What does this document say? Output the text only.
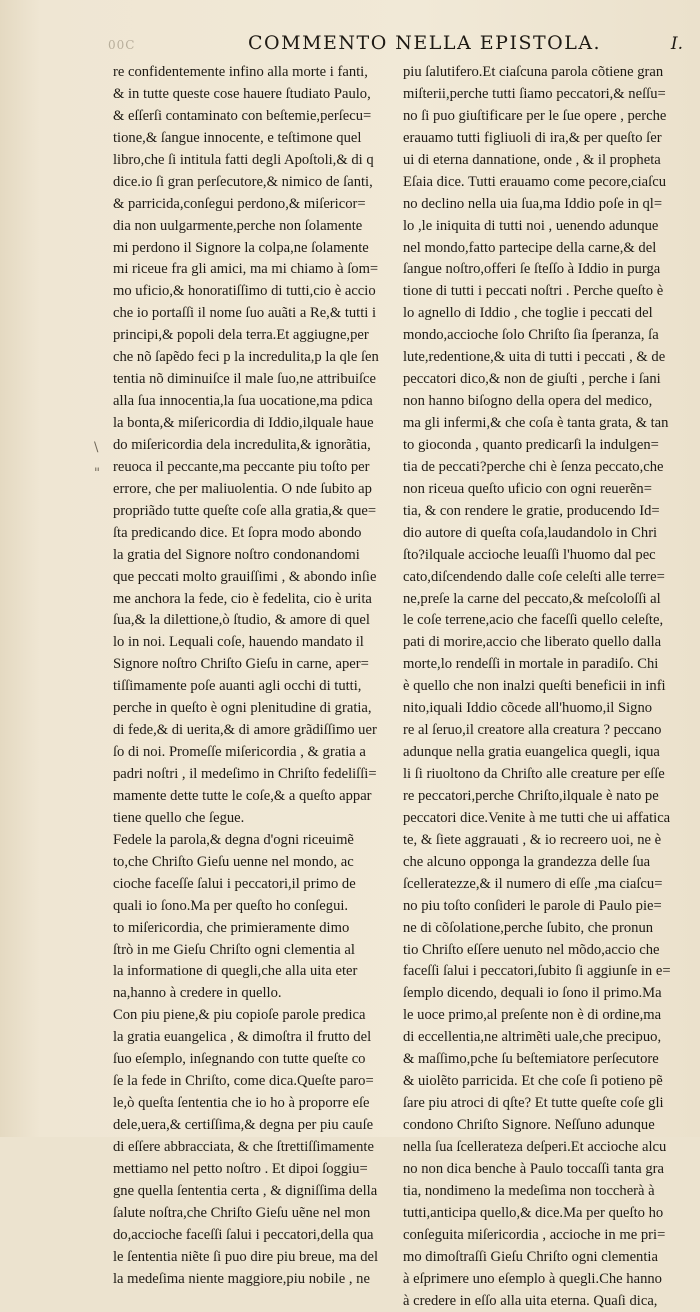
00C	COMMENTO NELLA EPISTOLA.	I.
\
"
re confidentemente infino alla morte i fanti,
& in tutte queste cose hauere ſtudiato Paulo,
& eſſerſi contaminato con beſtemie,perſecu=
tione,& ſangue innocente, e teſtimone quel
libro,che ſi intitula fatti degli Apoſtoli,& di q
dice.io ſi gran perſecutore,& nimico de ſanti,
& parricida,conſegui perdono,& miſericor=
dia non uulgarmente,perche non ſolamente
mi perdono il Signore la colpa,ne ſolamente
mi riceue fra gli amici, ma mi chiamo à ſom=
mo uficio,& honoratiſſimo di tutti,cio è accio
che io portaſſi il nome ſuo auãti a Re,& tutti i
principi,& popoli dela terra.Et aggiugne,per
che nõ ſapẽdo feci p la incredulita,p la qle ſen
tentia nõ diminuiſce il male ſuo,ne attribuiſce
alla ſua innocentia,la ſua uocatione,ma pdica
la bonta,& miſericordia di Iddio,ilquale haue
do miſericordia dela incredulita,& ignorãtia,
reuoca il peccante,ma peccante piu toſto per
errore, che per maliuolentia. O nde ſubito ap
propriãdo tutte queſte coſe alla gratia,& que=
ſta predicando dice. Et ſopra modo abondo
la gratia del Signore noſtro condonandomi
que peccati molto grauiſſimi , & abondo inſie
me anchora la fede, cio è fedelita, cio è urita
ſua,& la dilettione,ò ſtudio, & amore di quel
lo in noi. Lequali coſe, hauendo mandato il
Signore noſtro Chriſto Gieſu in carne, aper=
tiſſimamente poſe auanti agli occhi di tutti,
perche in queſto è ogni plenitudine di gratia,
di fede,& di uerita,& di amore grãdiſſimo uer
ſo di noi. Promeſſe miſericordia , & gratia a
padri noſtri , il medeſimo in Chriſto fedeliſſi=
mamente dette tutte le coſe,& a queſto appar
tiene quello che ſegue.
Fedele la parola,& degna d'ogni riceuimẽ
to,che Chriſto Gieſu uenne nel mondo, ac
cioche faceſſe ſalui i peccatori,il primo de
quali io ſono.Ma per queſto ho conſegui.
to miſericordia, che primieramente dimo
ſtrò in me Gieſu Chriſto ogni clementia al
la informatione di quegli,che alla uita eter
na,hanno à credere in quello.
Con piu piene,& piu copioſe parole predica
la gratia euangelica , & dimoſtra il frutto del
ſuo eſemplo, inſegnando con tutte queſte co
ſe la fede in Chriſto, come dica.Queſte paro=
le,ò queſta ſententia che io ho à proporre eſe
dele,uera,& certiſſima,& degna per piu cauſe
di eſſere abbracciata, & che ſtrettiſſimamente
mettiamo nel petto noſtro . Et dipoi ſoggiu=
gne quella ſententia certa , & digniſſima della
ſalute noſtra,che Chriſto Gieſu uẽne nel mon
do,accioche faceſſi ſalui i peccatori,della qua
le ſententia niẽte ſi puo dire piu breue, ma del
la medeſima niente maggiore,piu nobile , ne
piu ſalutifero.Et ciaſcuna parola cõtiene gran
miſterii,perche tutti ſiamo peccatori,& neſſu=
no ſi puo giuſtificare per le ſue opere , perche
erauamo tutti figliuoli di ira,& per queſto ſer
ui di eterna dannatione, onde , & il propheta
Eſaia dice. Tutti erauamo come pecore,ciaſcu
no declino nella uia ſua,ma Iddio poſe in ql=
lo ,le iniquita di tutti noi , uenendo adunque
nel mondo,fatto partecipe della carne,& del
ſangue noſtro,offeri ſe ſteſſo à Iddio in purga
tione di tutti i peccati noſtri . Perche queſto è
lo agnello di Iddio , che toglie i peccati del
mondo,accioche ſolo Chriſto ſia ſperanza, ſa
lute,redentione,& uita di tutti i peccati , & de
peccatori dico,& non de giuſti , perche i ſani
non hanno biſogno della opera del medico,
ma gli infermi,& che coſa è tanta grata, & tan
to gioconda , quanto predicarſi la indulgen=
tia de peccati?perche chi è ſenza peccato,che
non riceua queſto uficio con ogni reuerẽn=
tia, & con rendere le gratie, producendo Id=
dio autore di queſta coſa,laudandolo in Chri
ſto?ilquale accioche leuaſſi l'huomo dal pec
cato,diſcendendo dalle coſe celeſti alle terre=
ne,preſe la carne del peccato,& meſcoloſſi al
le coſe terrene,acio che faceſſi quello celeſte,
pati di morire,accio che liberato quello dalla
morte,lo rendeſſi in mortale in paradiſo. Chi
è quello che non inalzi queſti beneficii in infi
nito,iquali Iddio cõcede all'huomo,il Signo
re al ſeruo,il creatore alla creatura ? peccano
adunque nella gratia euangelica quegli, iqua
li ſi riuoltono da Chriſto alle creature per eſſe
re peccatori,perche Chriſto,ilquale è nato pe
peccatori dice.Venite à me tutti che ui affatica
te, & ſiete aggrauati , & io recreero uoi, ne è
che alcuno opponga la grandezza delle ſua
ſcelleratezze,& il numero di eſſe ,ma ciaſcu=
no piu toſto conſideri le parole di Paulo pie=
ne di cõſolatione,perche ſubito, che pronun
tio Chriſto eſſere uenuto nel mõdo,accio che
faceſſi ſalui i peccatori,ſubito ſi aggiunſe in e=
ſemplo dicendo, dequali io ſono il primo.Ma
le uoce primo,al preſente non è di ordine,ma
di eccellentia,ne altrimẽti uale,che precipuo,
& maſſimo,pche ſu beſtemiatore perſecutore
& uiolẽto parricida. Et che coſe ſi potieno pẽ
ſare piu atroci di qſte? Et tutte queſte coſe gli
condono Chriſto Signore. Neſſuno adunque
nella ſua ſcellerateza deſperi.Et accioche alcu
no non dica benche à Paulo toccaſſi tanta gra
tia, nondimeno la medeſima non toccherà à
tutti,anticipa quello,& dice.Ma per queſto ho
conſeguita miſericordia , accioche in me pri=
mo dimoſtraſſi Gieſu Chriſto ogni clementia
à eſprimere uno eſemplo à quegli.Che hanno
à credere in eſſo alla uita eterna. Quaſi dica,
